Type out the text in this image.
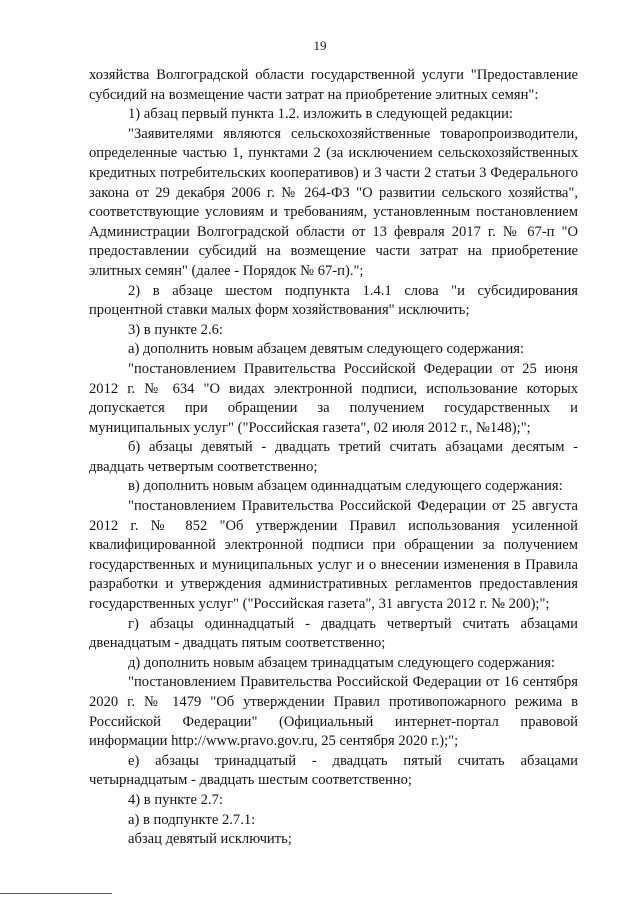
19

хозяйства Волгоградской области государственной услуги "Предоставление субсидий на возмещение части затрат на приобретение элитных семян":

1) абзац первый пункта 1.2. изложить в следующей редакции:

"Заявителями являются сельскохозяйственные товаропроизводители, определенные частью 1, пунктами 2 (за исключением сельскохозяйственных кредитных потребительских кооперативов) и 3 части 2 статьи 3 Федерального закона от 29 декабря 2006 г. № 264-ФЗ "О развитии сельского хозяйства", соответствующие условиям и требованиям, установленным постановлением Администрации Волгоградской области от 13 февраля 2017 г. № 67-п "О предоставлении субсидий на возмещение части затрат на приобретение элитных семян" (далее - Порядок № 67-п).";

2) в абзаце шестом подпункта 1.4.1 слова "и субсидирования процентной ставки малых форм хозяйствования" исключить;

3) в пункте 2.6:

а) дополнить новым абзацем девятым следующего содержания:

"постановлением Правительства Российской Федерации от 25 июня 2012 г. № 634 "О видах электронной подписи, использование которых допускается при обращении за получением государственных и муниципальных услуг" ("Российская газета", 02 июля 2012 г., №148);";

б) абзацы девятый - двадцать третий считать абзацами десятым - двадцать четвертым соответственно;

в) дополнить новым абзацем одиннадцатым следующего содержания:

"постановлением Правительства Российской Федерации от 25 августа 2012 г. № 852 "Об утверждении Правил использования усиленной квалифицированной электронной подписи при обращении за получением государственных и муниципальных услуг и о внесении изменения в Правила разработки и утверждения административных регламентов предоставления государственных услуг" ("Российская газета", 31 августа 2012 г. № 200);";

г) абзацы одиннадцатый - двадцать четвертый считать абзацами двенадцатым - двадцать пятым соответственно;

д) дополнить новым абзацем тринадцатым следующего содержания:

"постановлением Правительства Российской Федерации от 16 сентября 2020 г. № 1479 "Об утверждении Правил противопожарного режима в Российской Федерации" (Официальный интернет-портал правовой информации http://www.pravo.gov.ru, 25 сентября 2020 г.);";

е) абзацы тринадцатый - двадцать пятый считать абзацами четырнадцатым - двадцать шестым соответственно;

4) в пункте 2.7:

а) в подпункте 2.7.1:

абзац девятый исключить;
